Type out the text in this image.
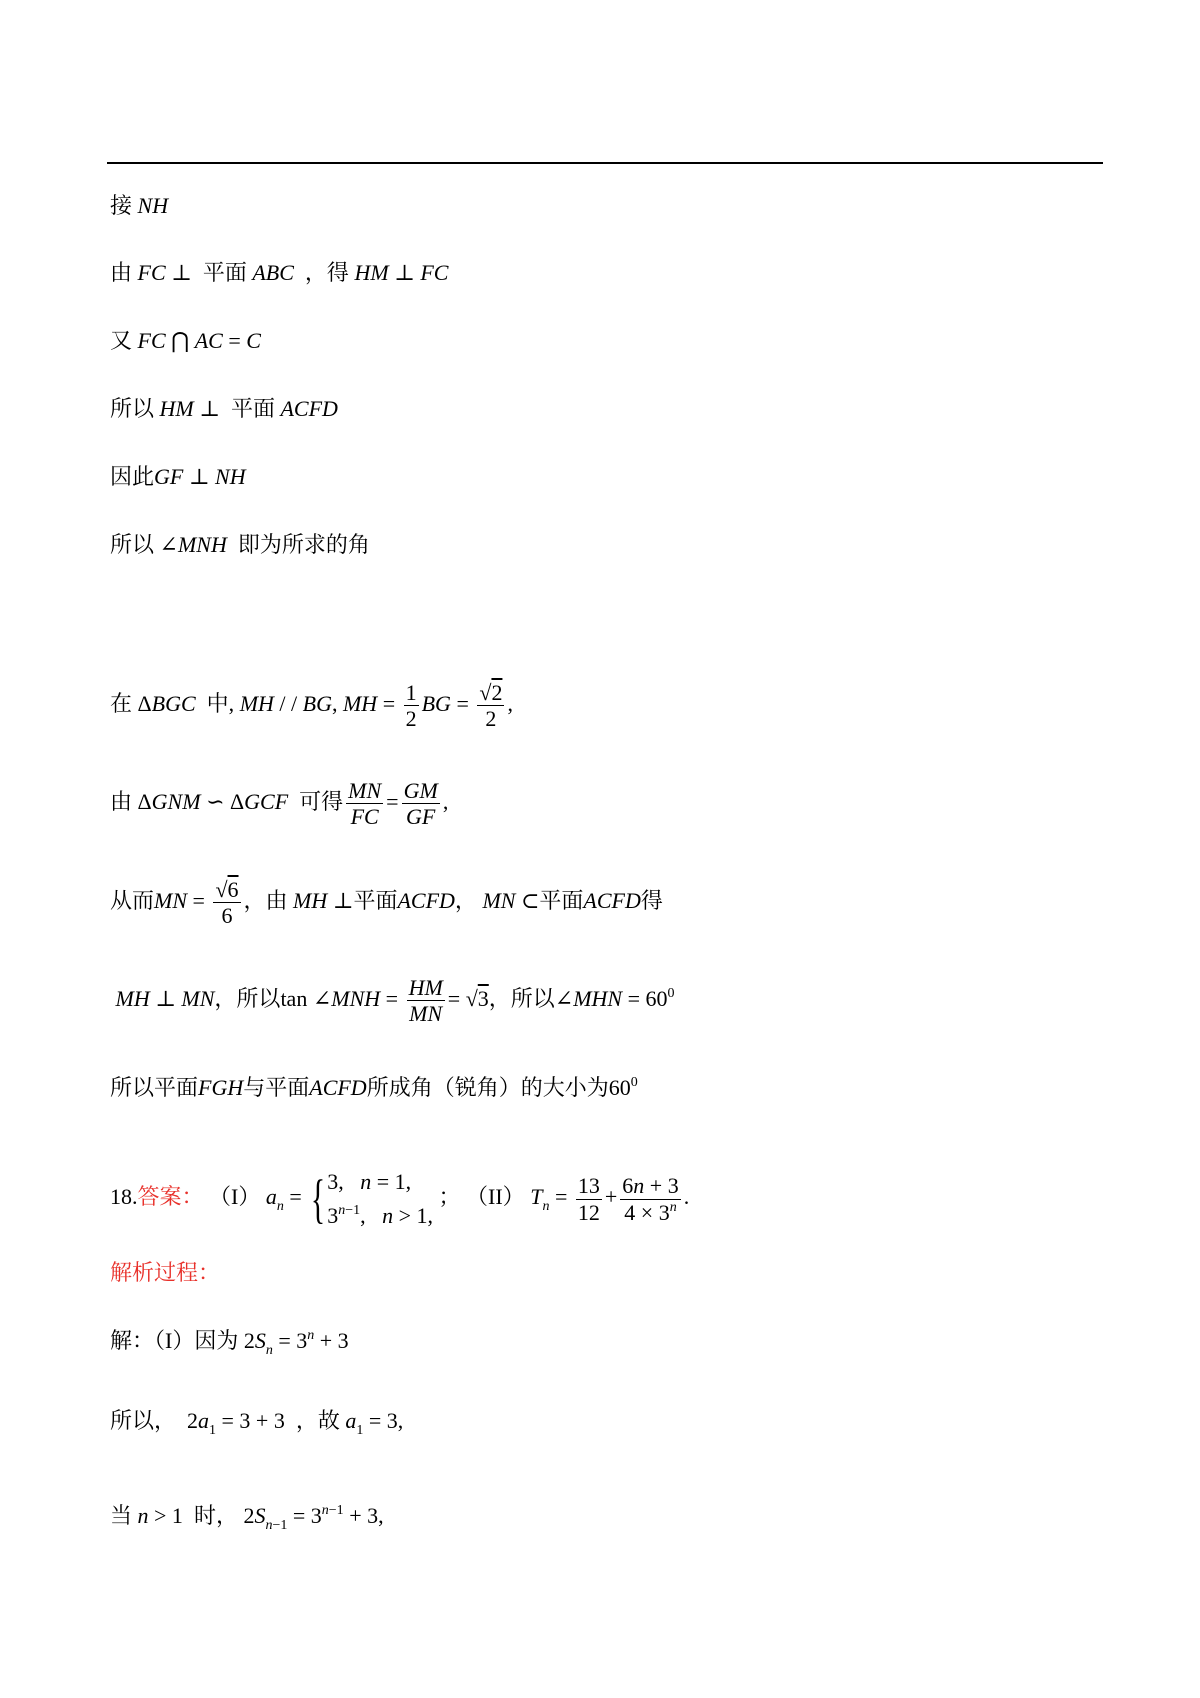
接 NH
由 FC ⊥  平面 ABC ，得 HM ⊥ FC
又 FC ⋂ AC = C
所以 HM ⊥  平面 ACFD
因此GF ⊥ NH
所以 ∠MNH 即为所求的角
在 ΔBGC 中, MH / / BG, MH = $\frac{1}{2}$ BG = $\frac{√2}{2}$ ,
由 ΔGNM ∽ ΔGCF 可得 $\frac{MN}{FC} = \frac{GM}{GF}$ ,
从而MN = $\frac{√6}{6}$ ，由 MH ⊥平面ACFD， MN ⊂平面ACFD得
MH ⊥ MN，所以tan ∠MNH = $\frac{HM}{MN} = √3$，所以∠MHN = $60^0$
所以平面FGH与平面ACFD所成角（锐角）的大小为$60^0$
18.答案： （I） $a_n = \{3$,   n = 1,
$3^{n-1}$,   n > 1, ； （II） $T_n = \frac{13}{12} + \frac{6n + 3}{4 \times 3^n}$ .
解析过程：
解：（I）因为 $2S_n = 3^n + 3$
所以，  $2a_1 = 3 + 3$  ，故 $a_1 = 3$,
当 n > 1  时， $2S_{n-1} = 3^{n-1} + 3$,
